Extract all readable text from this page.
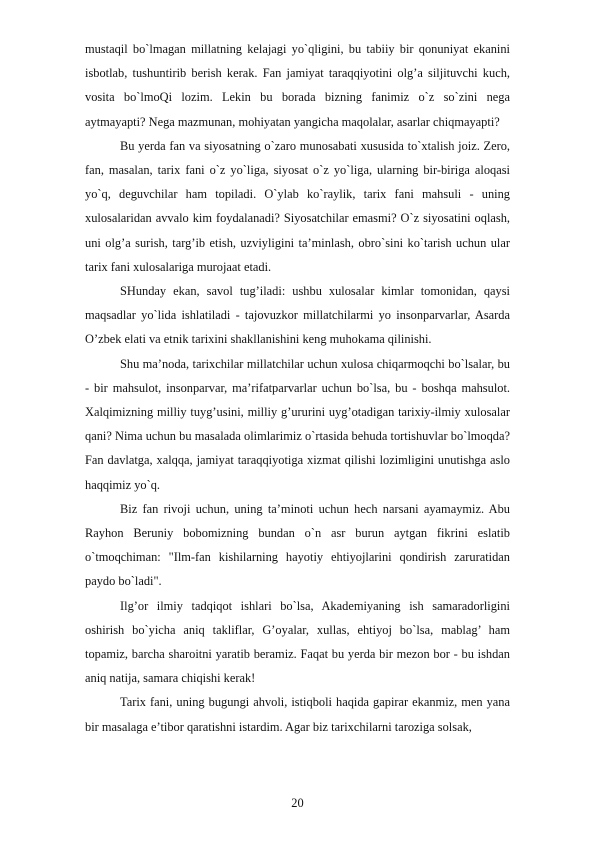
mustaqil bo`lmagan millatning kelajagi yo`qligini, bu tabiiy bir qonuniyat ekanini isbotlab, tushuntirib berish kerak. Fan jamiyat taraqqiyotini olg’a siljituvchi kuch, vosita bo`lmoQi lozim. Lekin bu borada bizning fanimiz o`z so`zini nega aytmayapti? Nega mazmunan, mohiyatan yangicha maqolalar, asarlar chiqmayapti?

Bu yerda fan va siyosatning o`zaro munosabati xususida to`xtalish joiz. Zero, fan, masalan, tarix fani o`z yo`liga, siyosat o`z yo`liga, ularning bir-biriga aloqasi yo`q, deguvchilar ham topiladi. O`ylab ko`raylik, tarix fani mahsuli - uning xulosalaridan avvalo kim foydalanadi? Siyosatchilar emasmi? O`z siyosatini oqlash, uni olg’a surish, targ’ib etish, uzviyligini ta’minlash, obro`sini ko`tarish uchun ular tarix fani xulosalariga murojaat etadi.

SHunday ekan, savol tug’iladi: ushbu xulosalar kimlar tomonidan, qaysi maqsadlar yo`lida ishlatiladi - tajovuzkor millatchilarmi yo insonparvarlar, Asarda O’zbek elati va etnik tarixini shakllanishini keng muhokama qilinishi.

Shu ma’noda, tarixchilar millatchilar uchun xulosa chiqarmoqchi bo`lsalar, bu - bir mahsulot, insonparvar, ma’rifatparvarlar uchun bo`lsa, bu - boshqa mahsulot. Xalqimizning milliy tuyg’usini, milliy g’ururini uyg’otadigan tarixiy-ilmiy xulosalar qani? Nima uchun bu masalada olimlarimiz o`rtasida behuda tortishuvlar bo`lmoqda? Fan davlatga, xalqqa, jamiyat taraqqiyotiga xizmat qilishi lozimligini unutishga aslo haqqimiz yo`q.

Biz fan rivoji uchun, uning ta’minoti uchun hech narsani ayamaymiz. Abu Rayhon Beruniy bobomizning bundan o`n asr burun aytgan fikrini eslatib o`tmoqchiman: "Ilm-fan kishilarning hayotiy ehtiyojlarini qondirish zaruratidan paydo bo`ladi".

Ilg’or ilmiy tadqiqot ishlari bo`lsa, Akademiyaning ish samaradorligini oshirish bo`yicha aniq takliflar, G’oyalar, xullas, ehtiyoj bo`lsa, mablag’ ham topamiz, barcha sharoitni yaratib beramiz. Faqat bu yerda bir mezon bor - bu ishdan aniq natija, samara chiqishi kerak!

Tarix fani, uning bugungi ahvoli, istiqboli haqida gapirar ekanmiz, men yana bir masalaga e’tibor qaratishni istardim. Agar biz tarixchilarni taroziga solsak,

20
